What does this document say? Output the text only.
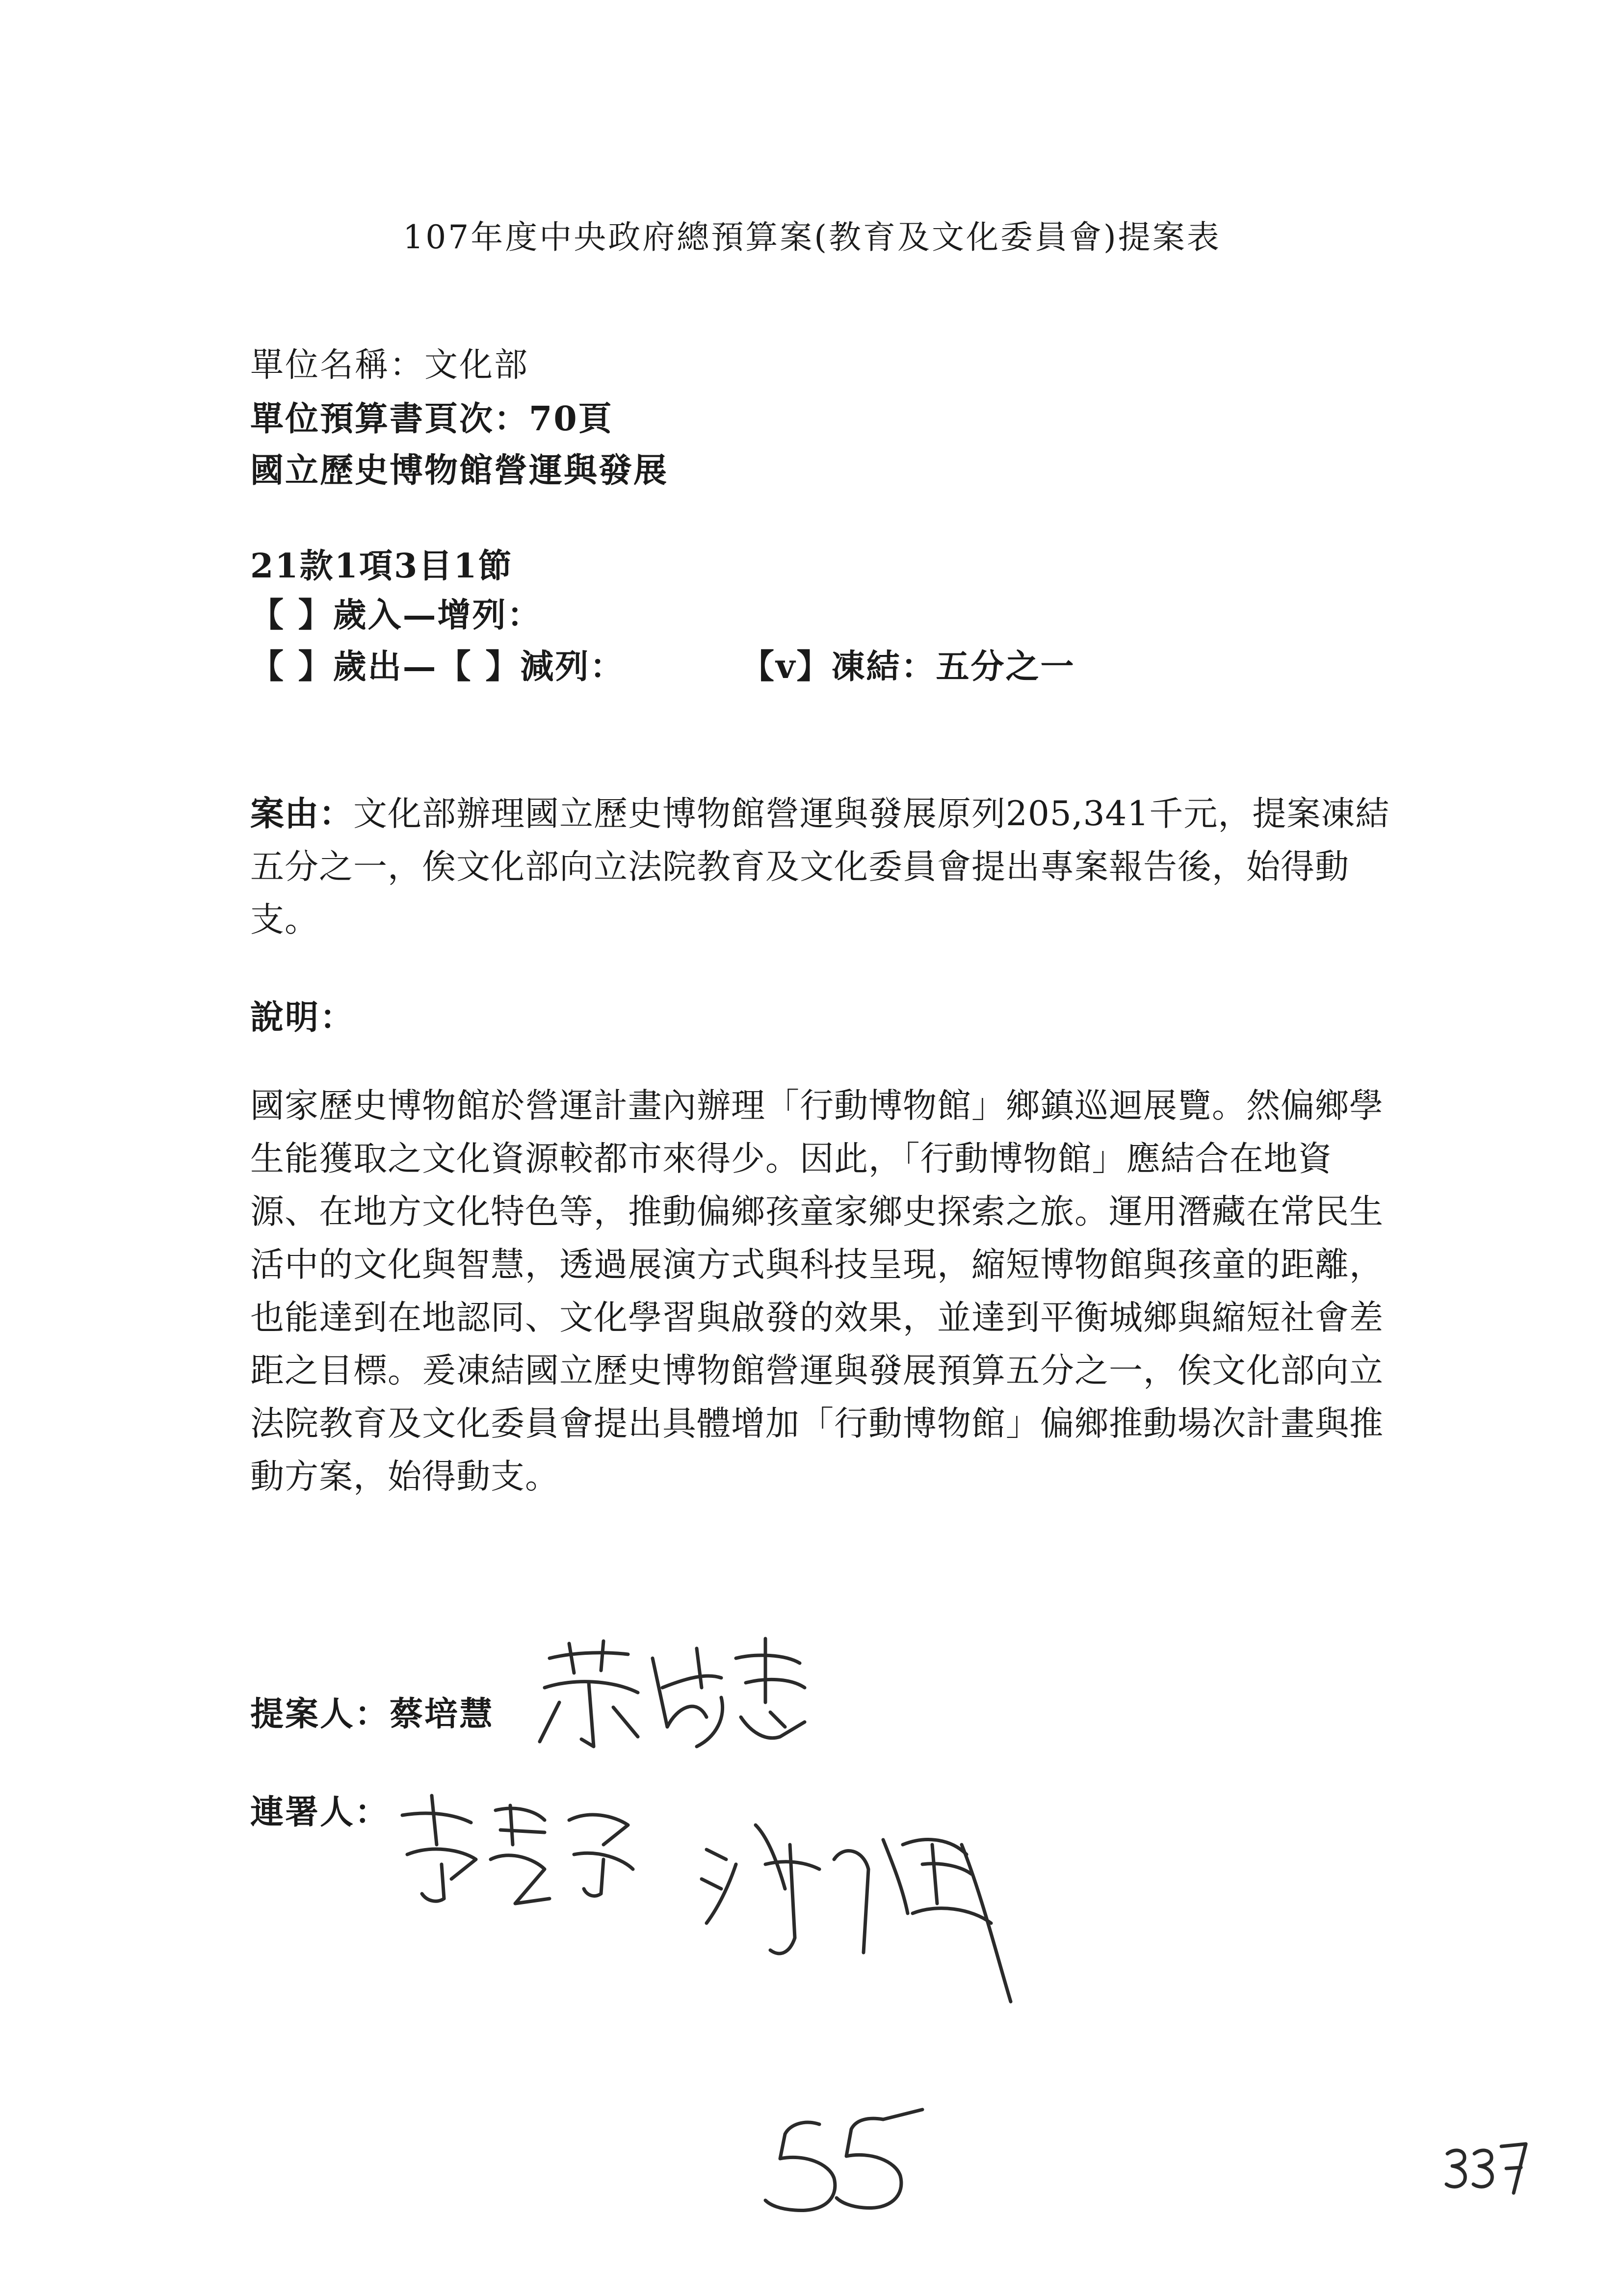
107年度中央政府總預算案(教育及文化委員會)提案表
單位名稱：文化部
單位預算書頁次：70頁
國立歷史博物館營運與發展
21款1項3目1節
【 】歲入—增列：
【 】歲出—【 】減列：	【v】凍結：五分之一
案由：文化部辦理國立歷史博物館營運與發展原列205,341千元，提案凍結五分之一，俟文化部向立法院教育及文化委員會提出專案報告後，始得動支。
說明：
國家歷史博物館於營運計畫內辦理「行動博物館」鄉鎮巡迴展覽。然偏鄉學生能獲取之文化資源較都市來得少。因此，「行動博物館」應結合在地資源、在地方文化特色等，推動偏鄉孩童家鄉史探索之旅。運用潛藏在常民生活中的文化與智慧，透過展演方式與科技呈現，縮短博物館與孩童的距離，也能達到在地認同、文化學習與啟發的效果，並達到平衡城鄉與縮短社會差距之目標。爰凍結國立歷史博物館營運與發展預算五分之一，俟文化部向立法院教育及文化委員會提出具體增加「行動博物館」偏鄉推動場次計畫與推動方案，始得動支。
提案人：蔡培慧
連署人：
